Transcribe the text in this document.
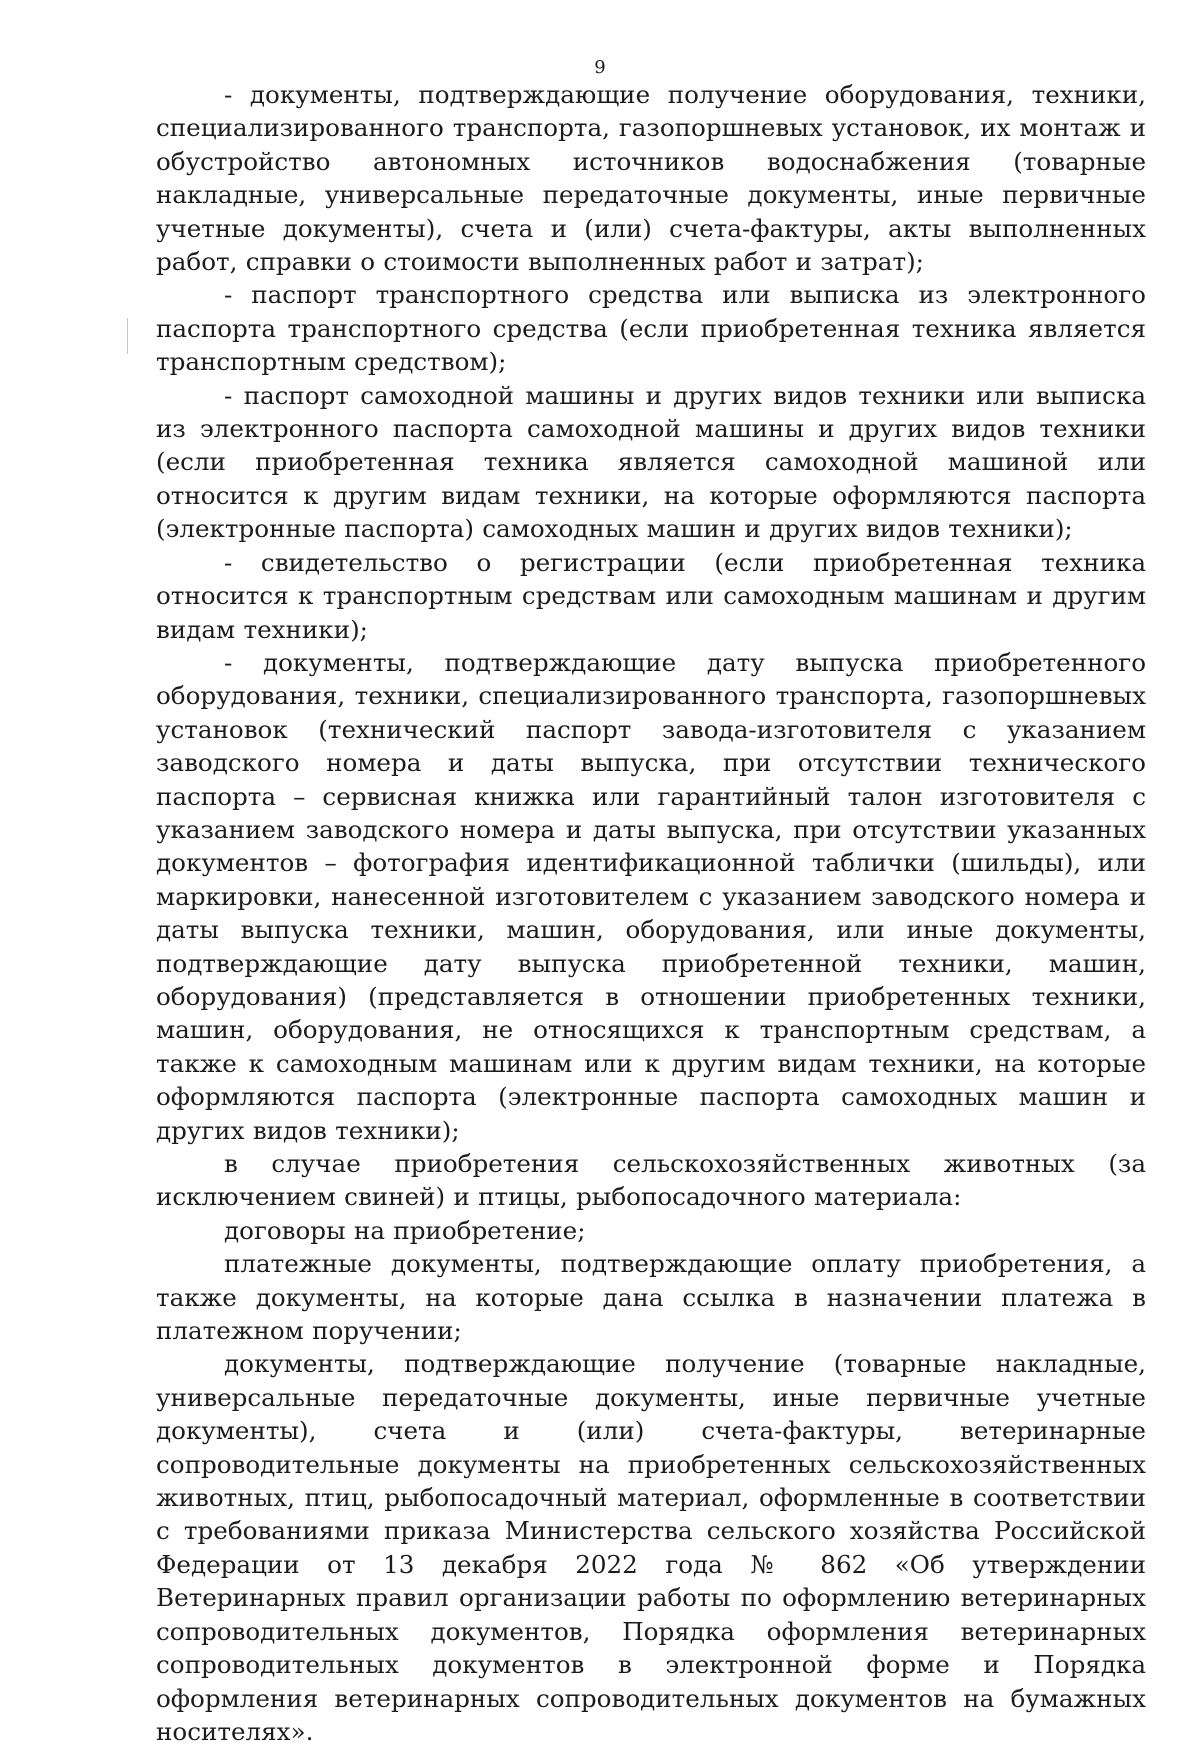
9

- документы, подтверждающие получение оборудования, техники, специализированного транспорта, газопоршневых установок, их монтаж и обустройство автономных источников водоснабжения (товарные накладные, универсальные передаточные документы, иные первичные учетные документы), счета и (или) счета-фактуры, акты выполненных работ, справки о стоимости выполненных работ и затрат);

- паспорт транспортного средства или выписка из электронного паспорта транспортного средства (если приобретенная техника является транспортным средством);

- паспорт самоходной машины и других видов техники или выписка из электронного паспорта самоходной машины и других видов техники (если приобретенная техника является самоходной машиной или относится к другим видам техники, на которые оформляются паспорта (электронные паспорта) самоходных машин и других видов техники);

- свидетельство о регистрации (если приобретенная техника относится к транспортным средствам или самоходным машинам и другим видам техники);

- документы, подтверждающие дату выпуска приобретенного оборудования, техники, специализированного транспорта, газопоршневых установок (технический паспорт завода-изготовителя с указанием заводского номера и даты выпуска, при отсутствии технического паспорта – сервисная книжка или гарантийный талон изготовителя с указанием заводского номера и даты выпуска, при отсутствии указанных документов – фотография идентификационной таблички (шильды), или маркировки, нанесенной изготовителем с указанием заводского номера и даты выпуска техники, машин, оборудования, или иные документы, подтверждающие дату выпуска приобретенной техники, машин, оборудования) (представляется в отношении приобретенных техники, машин, оборудования, не относящихся к транспортным средствам, а также к самоходным машинам или к другим видам техники, на которые оформляются паспорта (электронные паспорта самоходных машин и других видов техники);

в случае приобретения сельскохозяйственных животных (за исключением свиней) и птицы, рыбопосадочного материала:

договоры на приобретение;

платежные документы, подтверждающие оплату приобретения, а также документы, на которые дана ссылка в назначении платежа в платежном поручении;

документы, подтверждающие получение (товарные накладные, универсальные передаточные документы, иные первичные учетные документы), счета и (или) счета-фактуры, ветеринарные сопроводительные документы на приобретенных сельскохозяйственных животных, птиц, рыбопосадочный материал, оформленные в соответствии с требованиями приказа Министерства сельского хозяйства Российской Федерации от 13 декабря 2022 года № 862 «Об утверждении Ветеринарных правил организации работы по оформлению ветеринарных сопроводительных документов, Порядка оформления ветеринарных сопроводительных документов в электронной форме и Порядка оформления ветеринарных сопроводительных документов на бумажных носителях».
